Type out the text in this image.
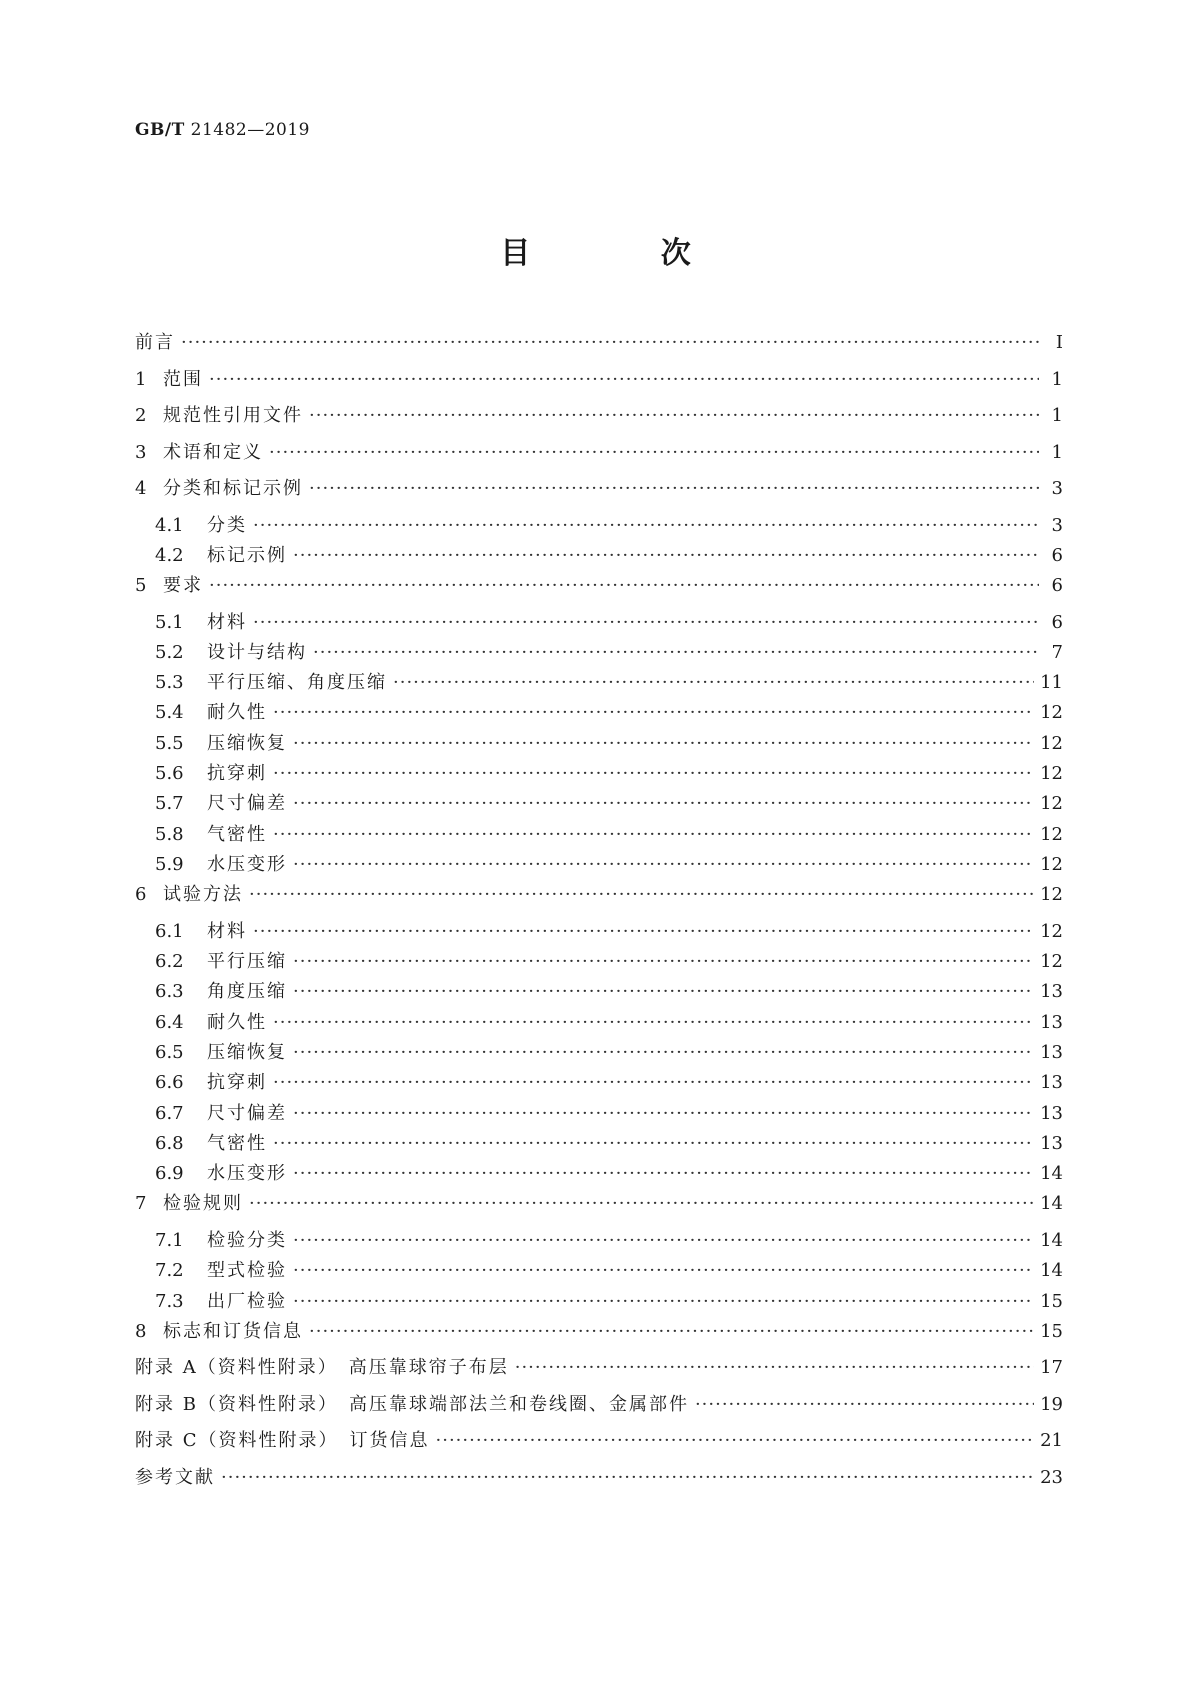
GB/T 21482—2019
目 次
前言 ·····	Ⅰ
1 范围 ·····	1
2 规范性引用文件 ·····	1
3 术语和定义 ·····	1
4 分类和标记示例 ·····	3
4.1	分类 ·····	3
4.2	标记示例 ·····	6
5 要求 ·····	6
5.1	材料 ·····	6
5.2	设计与结构 ·····	7
5.3	平行压缩、角度压缩 ·····	11
5.4	耐久性 ·····	12
5.5	压缩恢复 ·····	12
5.6	抗穿刺 ·····	12
5.7	尺寸偏差 ·····	12
5.8	气密性 ·····	12
5.9	水压变形 ·····	12
6 试验方法 ·····	12
6.1	材料 ·····	12
6.2	平行压缩 ·····	12
6.3	角度压缩 ·····	13
6.4	耐久性 ·····	13
6.5	压缩恢复 ·····	13
6.6	抗穿刺 ·····	13
6.7	尺寸偏差 ·····	13
6.8	气密性 ·····	13
6.9	水压变形 ·····	14
7 检验规则 ·····	14
7.1	检验分类 ·····	14
7.2	型式检验 ·····	14
7.3	出厂检验 ·····	15
8 标志和订货信息 ·····	15
附录 A（资料性附录）　高压靠球帘子布层 ·····	17
附录 B（资料性附录）　高压靠球端部法兰和卷线圈、金属部件 ·····	19
附录 C（资料性附录）　订货信息 ·····	21
参考文献 ·····	23
